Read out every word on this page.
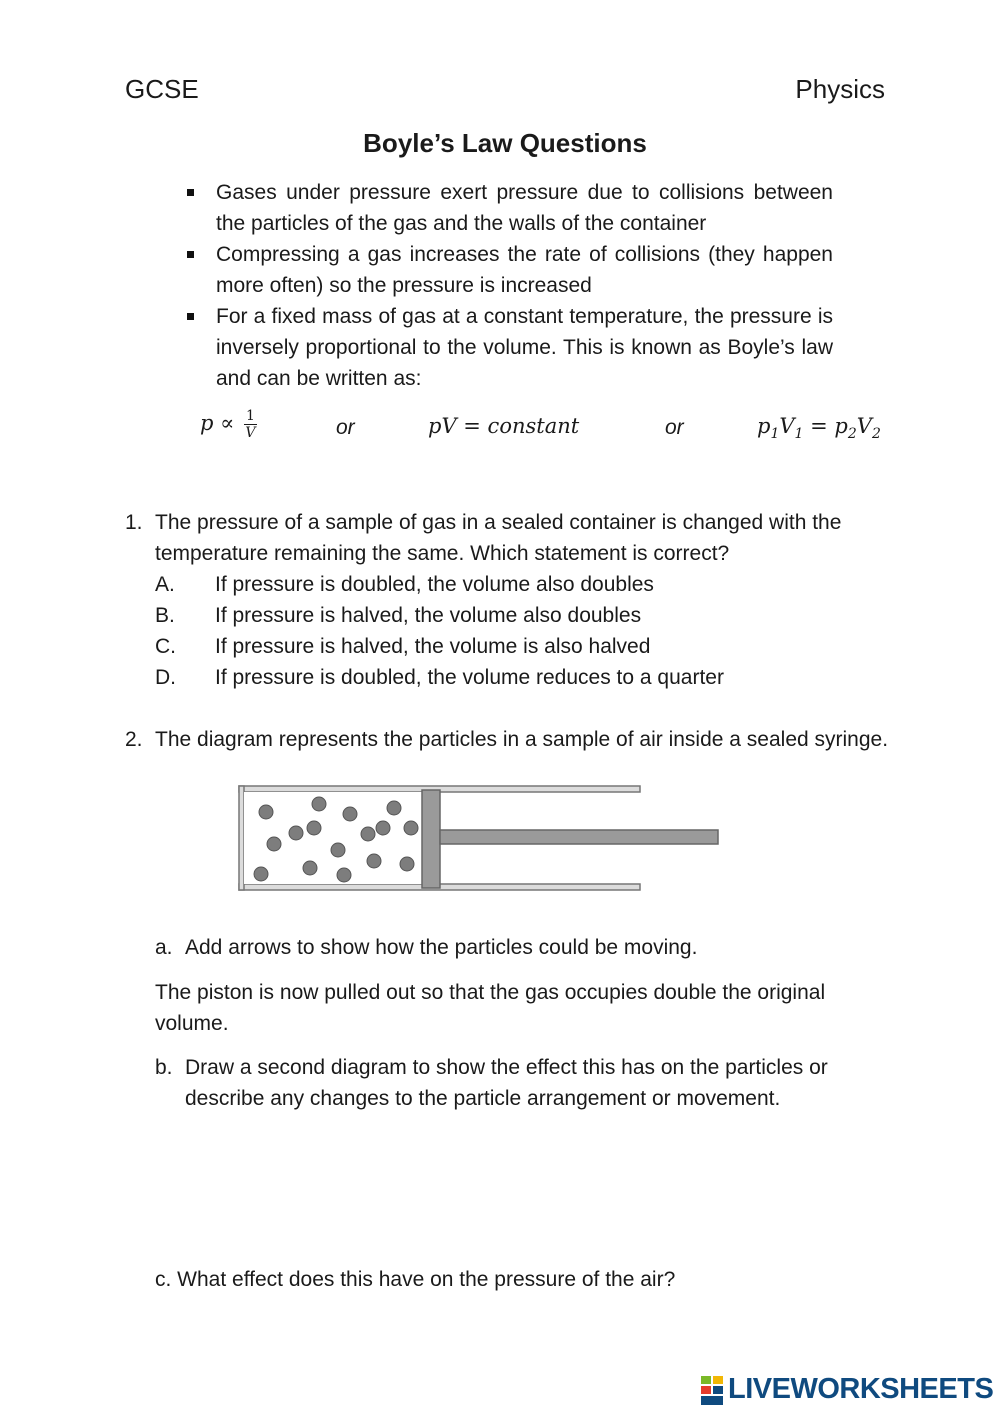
GCSE	Physics
Boyle’s Law Questions
Gases under pressure exert pressure due to collisions between the particles of the gas and the walls of the container
Compressing a gas increases the rate of collisions (they happen more often) so the pressure is increased
For a fixed mass of gas at a constant temperature, the pressure is inversely proportional to the volume. This is known as Boyle’s law and can be written as:
$p \propto \frac{1}{V}$	or	pV = constant	or	$p_1V_1 = p_2V_2$
1. The pressure of a sample of gas in a sealed container is changed with the temperature remaining the same. Which statement is correct?
A. If pressure is doubled, the volume also doubles
B. If pressure is halved, the volume also doubles
C. If pressure is halved, the volume is also halved
D. If pressure is doubled, the volume reduces to a quarter
2. The diagram represents the particles in a sample of air inside a sealed syringe.
a. Add arrows to show how the particles could be moving.
The piston is now pulled out so that the gas occupies double the original volume.
b. Draw a second diagram to show the effect this has on the particles or describe any changes to the particle arrangement or movement.
c. What effect does this have on the pressure of the air?
LIVEWORKSHEETS
